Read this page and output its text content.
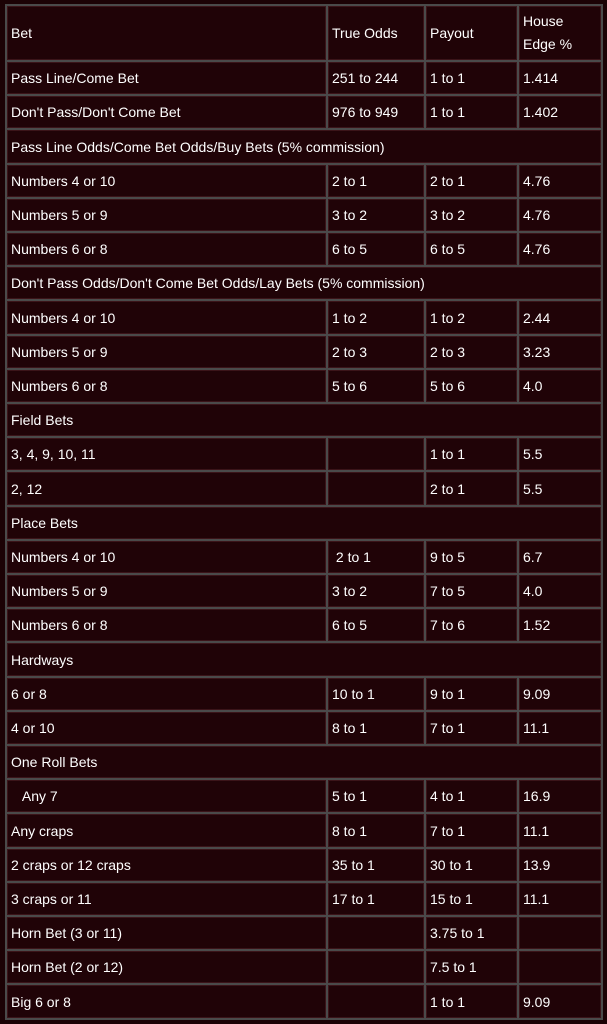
Bet	True Odds	Payout	House Edge %
Pass Line/Come Bet	251 to 244	1 to 1	1.414
Don't Pass/Don't Come Bet	976 to 949	1 to 1	1.402
Pass Line Odds/Come Bet Odds/Buy Bets (5% commission)			
Numbers 4 or 10	2 to 1	2 to 1	4.76
Numbers 5 or 9	3 to 2	3 to 2	4.76
Numbers 6 or 8	6 to 5	6 to 5	4.76
Don't Pass Odds/Don't Come Bet Odds/Lay Bets (5% commission)			
Numbers 4 or 10	1 to 2	1 to 2	2.44
Numbers 5 or 9	2 to 3	2 to 3	3.23
Numbers 6 or 8	5 to 6	5 to 6	4.0
Field Bets			
3, 4, 9, 10, 11		1 to 1	5.5
2, 12		2 to 1	5.5
Place Bets			
Numbers 4 or 10	2 to 1	9 to 5	6.7
Numbers 5 or 9	3 to 2	7 to 5	4.0
Numbers 6 or 8	6 to 5	7 to 6	1.52
Hardways			
6 or 8	10 to 1	9 to 1	9.09
4 or 10	8 to 1	7 to 1	11.1
One Roll Bets			
Any 7	5 to 1	4 to 1	16.9
Any craps	8 to 1	7 to 1	11.1
2 craps or 12 craps	35 to 1	30 to 1	13.9
3 craps or 11	17 to 1	15 to 1	11.1
Horn Bet (3 or 11)		3.75 to 1	
Horn Bet (2 or 12)		7.5 to 1	
Big 6 or 8		1 to 1	9.09
